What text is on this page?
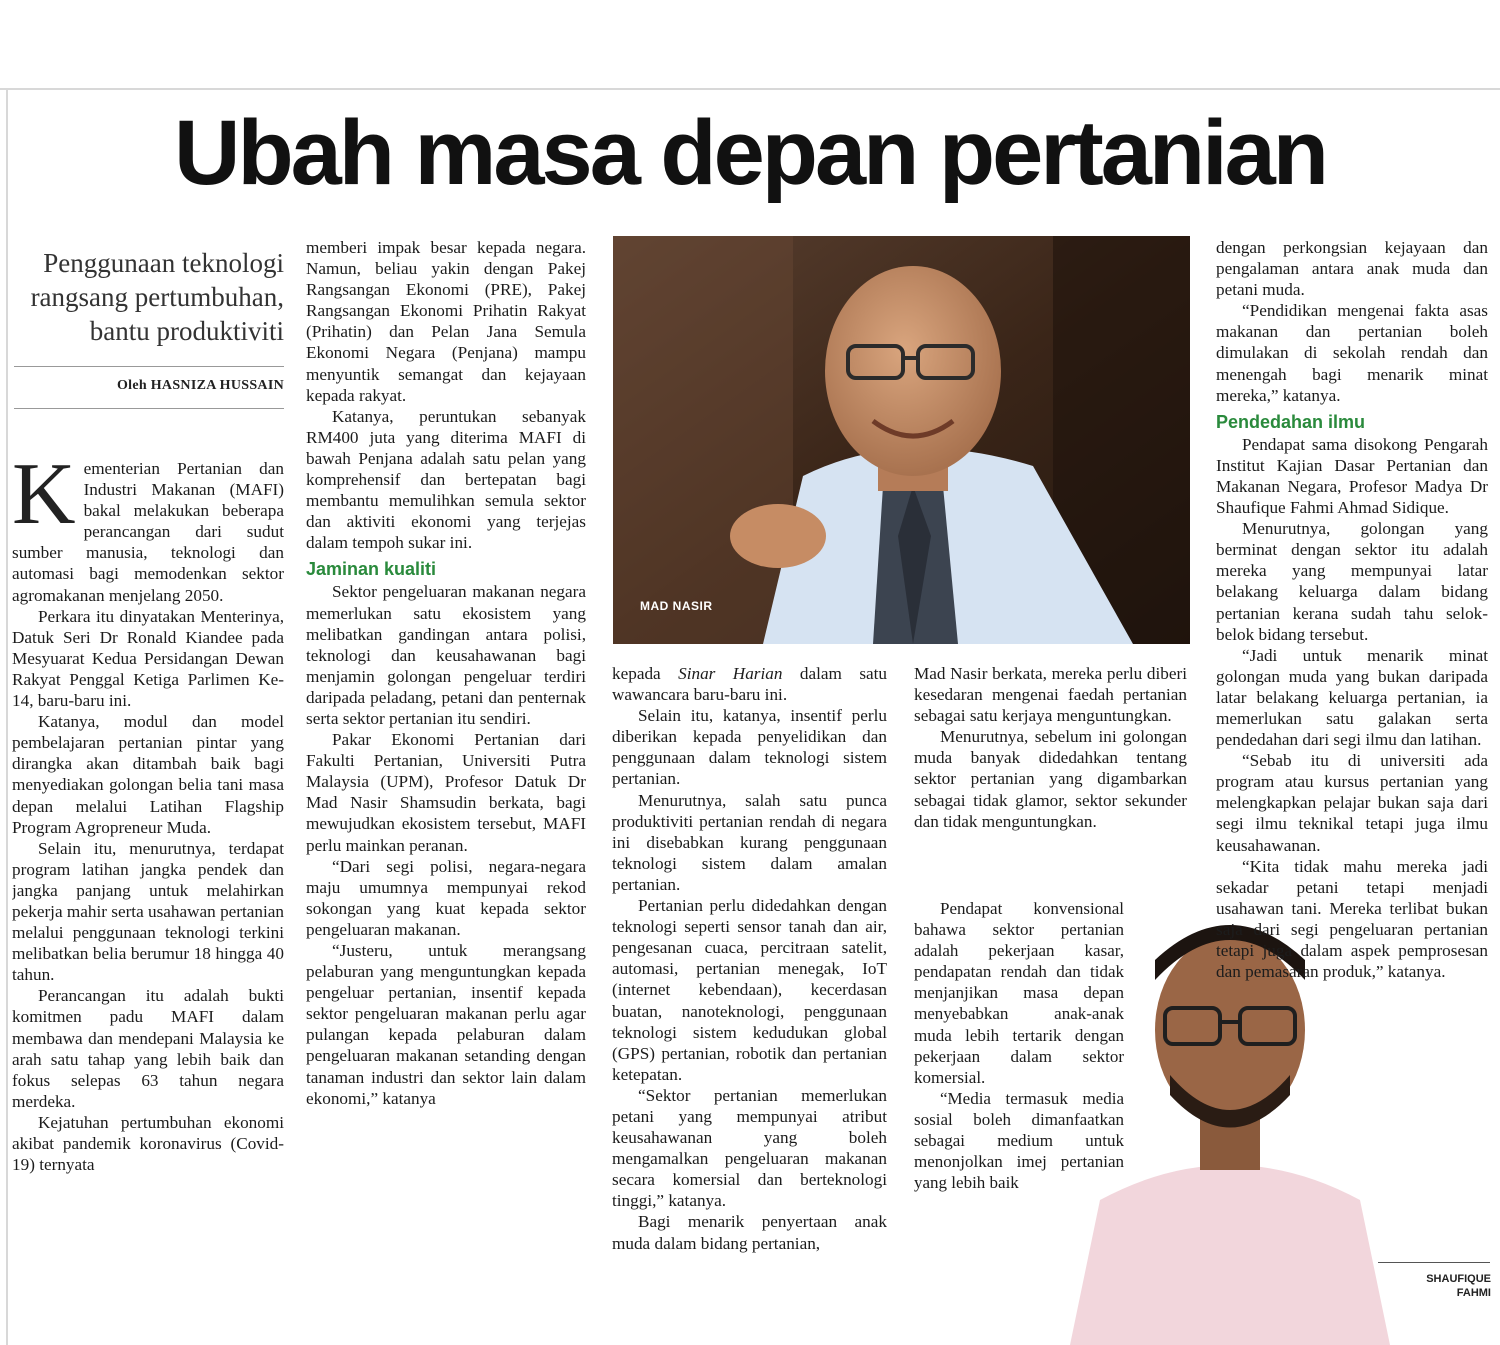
Ubah masa depan pertanian
Penggunaan teknologi rangsang pertumbuhan, bantu produktiviti
Oleh HASNIZA HUSSAIN

Kementerian Pertanian dan Industri Makanan (MAFI) bakal melakukan beberapa perancangan dari sudut sumber manusia, teknologi dan automasi bagi memodenkan sektor agromakanan menjelang 2050.

Perkara itu dinyatakan Menterinya, Datuk Seri Dr Ronald Kiandee pada Mesyuarat Kedua Persidangan Dewan Rakyat Penggal Ketiga Parlimen Ke-14, baru-baru ini.

Katanya, modul dan model pembelajaran pertanian pintar yang dirangka akan ditambah baik bagi menyediakan golongan belia tani masa depan melalui Latihan Flagship Program Agropreneur Muda.

Selain itu, menurutnya, terdapat program latihan jangka pendek dan jangka panjang untuk melahirkan pekerja mahir serta usahawan pertanian melalui penggunaan teknologi terkini melibatkan belia berumur 18 hingga 40 tahun.

Perancangan itu adalah bukti komitmen padu MAFI dalam membawa dan mendepani Malaysia ke arah satu tahap yang lebih baik dan fokus selepas 63 tahun negara merdeka.

Kejatuhan pertumbuhan ekonomi akibat pandemik koronavirus (Covid-19) ternyata

memberi impak besar kepada negara. Namun, beliau yakin dengan Pakej Rangsangan Ekonomi (PRE), Pakej Rangsangan Ekonomi Prihatin Rakyat (Prihatin) dan Pelan Jana Semula Ekonomi Negara (Penjana) mampu menyuntik semangat dan kejayaan kepada rakyat.

Katanya, peruntukan sebanyak RM400 juta yang diterima MAFI di bawah Penjana adalah satu pelan yang komprehensif dan bertepatan bagi membantu memulihkan semula sektor dan aktiviti ekonomi yang terjejas dalam tempoh sukar ini.

Jaminan kualiti

Sektor pengeluaran makanan negara memerlukan satu ekosistem yang melibatkan gandingan antara polisi, teknologi dan keusahawanan bagi menjamin golongan pengeluar terdiri daripada peladang, petani dan penternak serta sektor pertanian itu sendiri.

Pakar Ekonomi Pertanian dari Fakulti Pertanian, Universiti Putra Malaysia (UPM), Profesor Datuk Dr Mad Nasir Shamsudin berkata, bagi mewujudkan ekosistem tersebut, MAFI perlu mainkan peranan.

“Dari segi polisi, negara-negara maju umumnya mempunyai rekod sokongan yang kuat kepada sektor pengeluaran makanan.

“Justeru, untuk merangsang pelaburan yang menguntungkan kepada pengeluar pertanian, insentif kepada sektor pengeluaran makanan perlu agar pulangan kepada pelaburan dalam pengeluaran makanan setanding dengan tanaman industri dan sektor lain dalam ekonomi,” katanya

MAD NASIR

kepada Sinar Harian dalam satu wawancara baru-baru ini.

Selain itu, katanya, insentif perlu diberikan kepada penyelidikan dan penggunaan dalam teknologi sistem pertanian.

Menurutnya, salah satu punca produktiviti pertanian rendah di negara ini disebabkan kurang penggunaan teknologi sistem dalam amalan pertanian.

Pertanian perlu didedahkan dengan teknologi seperti sensor tanah dan air, pengesanan cuaca, percitraan satelit, automasi, pertanian menegak, IoT (internet kebendaan), kecerdasan buatan, nanoteknologi, penggunaan teknologi sistem kedudukan global (GPS) pertanian, robotik dan pertanian ketepatan.

“Sektor pertanian memerlukan petani yang mempunyai atribut keusahawanan yang boleh mengamalkan pengeluaran makanan secara komersial dan berteknologi tinggi,” katanya.

Bagi menarik penyertaan anak muda dalam bidang pertanian,

Mad Nasir berkata, mereka perlu diberi kesedaran mengenai faedah pertanian sebagai satu kerjaya menguntungkan.

Menurutnya, sebelum ini golongan muda banyak didedahkan tentang sektor pertanian yang digambarkan sebagai tidak glamor, sektor sekunder dan tidak menguntungkan.

Pendapat konvensional bahawa sektor pertanian adalah pekerjaan kasar, pendapatan rendah dan tidak menjanjikan masa depan menyebabkan anak-anak muda lebih tertarik dengan pekerjaan dalam sektor komersial.

“Media termasuk media sosial boleh dimanfaatkan sebagai medium untuk menonjolkan imej pertanian yang lebih baik

dengan perkongsian kejayaan dan pengalaman antara anak muda dan petani muda.

“Pendidikan mengenai fakta asas makanan dan pertanian boleh dimulakan di sekolah rendah dan menengah bagi menarik minat mereka,” katanya.

Pendedahan ilmu

Pendapat sama disokong Pengarah Institut Kajian Dasar Pertanian dan Makanan Negara, Profesor Madya Dr Shaufique Fahmi Ahmad Sidique.

Menurutnya, golongan yang berminat dengan sektor itu adalah mereka yang mempunyai latar belakang keluarga dalam bidang pertanian kerana sudah tahu selok-belok bidang tersebut.

“Jadi untuk menarik minat golongan muda yang bukan daripada latar belakang keluarga pertanian, ia memerlukan satu galakan serta pendedahan dari segi ilmu dan latihan.

“Sebab itu di universiti ada program atau kursus pertanian yang melengkapkan pelajar bukan saja dari segi ilmu teknikal tetapi juga ilmu keusahawanan.

“Kita tidak mahu mereka jadi sekadar petani tetapi menjadi usahawan tani. Mereka terlibat bukan saja dari segi pengeluaran pertanian tetapi juga dalam aspek pemprosesan dan pemasaran produk,” katanya.

SHAUFIQUE FAHMI
